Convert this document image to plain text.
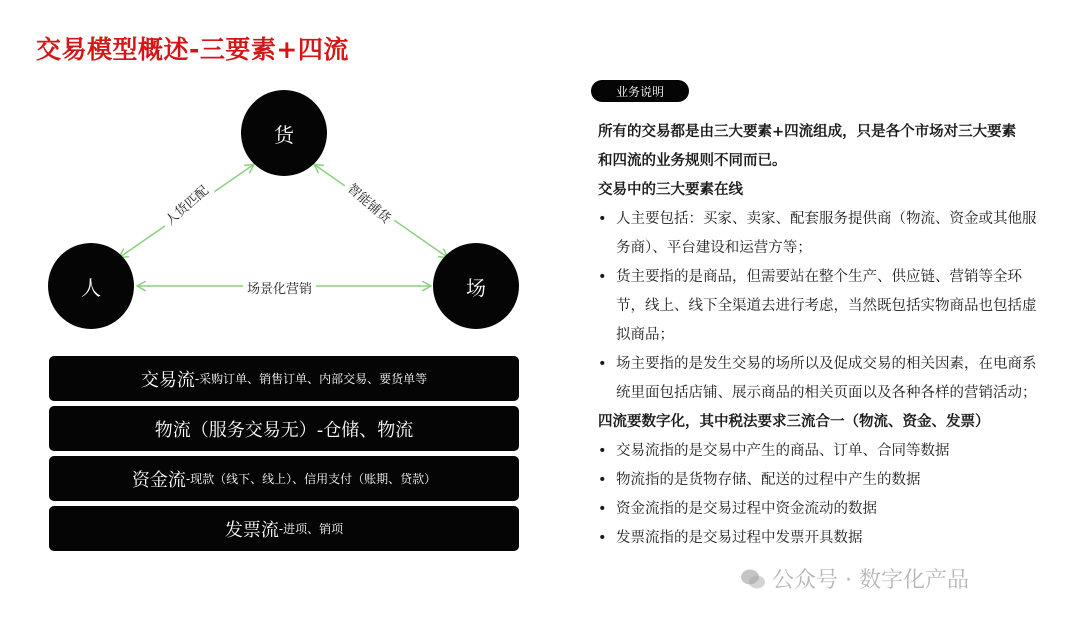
交易模型概述-三要素+四流
货
人	场
人货匹配	智能铺货
场景化营销
交易流 -采购订单、销售订单、内部交易、要货单等
物流 （服务交易无）-仓储、物流
资金流 -现款（线下、线上）、信用支付（账期、贷款）
发票流 -进项、销项
业务说明
所有的交易都是由三大要素+四流组成，只是各个市场对三大要素和四流的业务规则不同而已。
交易中的三大要素在线
• 人主要包括：买家、卖家、配套服务提供商（物流、资金或其他服务商）、平台建设和运营方等；
• 货主要指的是商品，但需要站在整个生产、供应链、营销等全环节，线上、线下全渠道去进行考虑，当然既包括实物商品也包括虚拟商品；
• 场主要指的是发生交易的场所以及促成交易的相关因素，在电商系统里面包括店铺、展示商品的相关页面以及各种各样的营销活动；
四流要数字化，其中税法要求三流合一（物流、资金、发票）
• 交易流指的是交易中产生的商品、订单、合同等数据
• 物流指的是货物存储、配送的过程中产生的数据
• 资金流指的是交易过程中资金流动的数据
• 发票流指的是交易过程中发票开具数据
公众号 · 数字化产品
